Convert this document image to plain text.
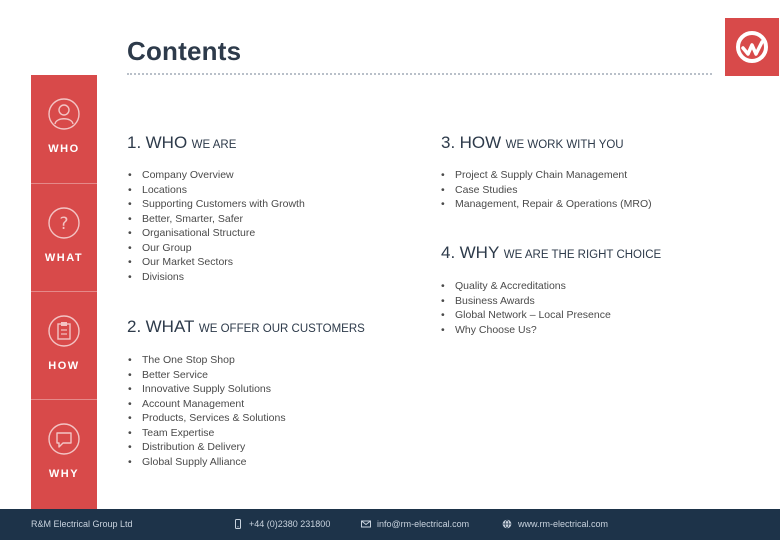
Contents
WHO
?
WHAT
HOW
WHY
1. WHO WE ARE
• Company Overview
• Locations
• Supporting Customers with Growth
• Better, Smarter, Safer
• Organisational Structure
• Our Group
• Our Market Sectors
• Divisions
2. WHAT WE OFFER OUR CUSTOMERS
• The One Stop Shop
• Better Service
• Innovative Supply Solutions
• Account Management
• Products, Services & Solutions
• Team Expertise
• Distribution & Delivery
• Global Supply Alliance
3. HOW WE WORK WITH YOU
• Project & Supply Chain Management
• Case Studies
• Management, Repair & Operations (MRO)
4. WHY WE ARE THE RIGHT CHOICE
• Quality & Accreditations
• Business Awards
• Global Network – Local Presence
• Why Choose Us?
R&M Electrical Group Ltd	+44 (0)2380 231800	info@rm-electrical.com	www.rm-electrical.com
